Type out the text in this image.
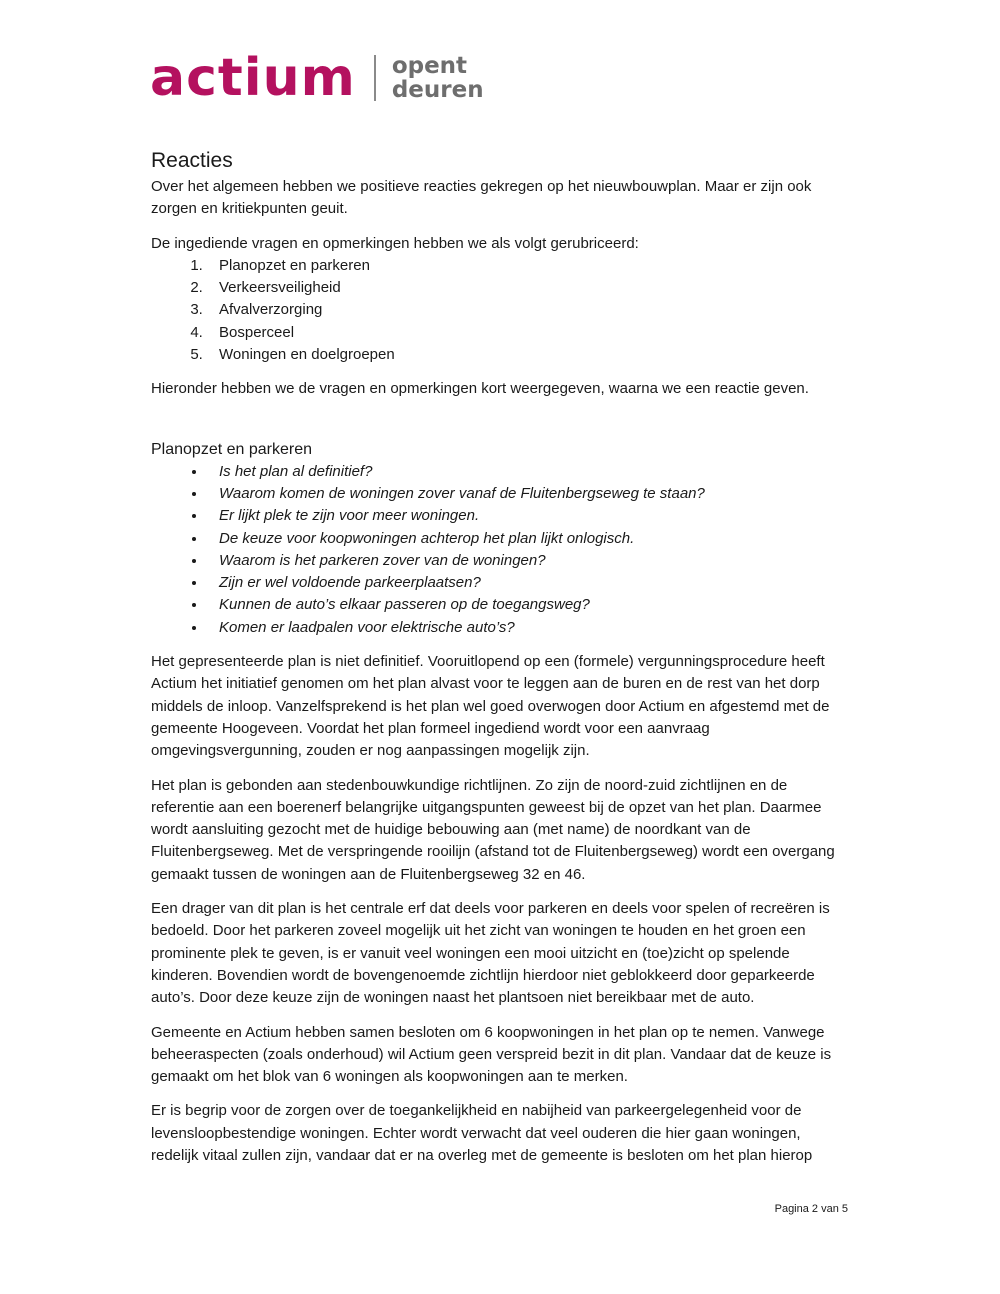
actium opent
deuren
Reacties

Over het algemeen hebben we positieve reacties gekregen op het nieuwbouwplan. Maar er zijn ook zorgen en kritiekpunten geuit.

De ingediende vragen en opmerkingen hebben we als volgt gerubriceerd:

1. Planopzet en parkeren
2. Verkeersveiligheid
3. Afvalverzorging
4. Bosperceel
5. Woningen en doelgroepen

Hieronder hebben we de vragen en opmerkingen kort weergegeven, waarna we een reactie geven.

Planopzet en parkeren
• Is het plan al definitief?
• Waarom komen de woningen zover vanaf de Fluitenbergseweg te staan?
• Er lijkt plek te zijn voor meer woningen.
• De keuze voor koopwoningen achterop het plan lijkt onlogisch.
• Waarom is het parkeren zover van de woningen?
• Zijn er wel voldoende parkeerplaatsen?
• Kunnen de auto’s elkaar passeren op de toegangsweg?
• Komen er laadpalen voor elektrische auto’s?

Het gepresenteerde plan is niet definitief. Vooruitlopend op een (formele) vergunningsprocedure heeft Actium het initiatief genomen om het plan alvast voor te leggen aan de buren en de rest van het dorp middels de inloop. Vanzelfsprekend is het plan wel goed overwogen door Actium en afgestemd met de gemeente Hoogeveen. Voordat het plan formeel ingediend wordt voor een aanvraag omgevingsvergunning, zouden er nog aanpassingen mogelijk zijn.

Het plan is gebonden aan stedenbouwkundige richtlijnen. Zo zijn de noord-zuid zichtlijnen en de referentie aan een boerenerf belangrijke uitgangspunten geweest bij de opzet van het plan. Daarmee wordt aansluiting gezocht met de huidige bebouwing aan (met name) de noordkant van de Fluitenbergseweg. Met de verspringende rooilijn (afstand tot de Fluitenbergseweg) wordt een overgang gemaakt tussen de woningen aan de Fluitenbergseweg 32 en 46.

Een drager van dit plan is het centrale erf dat deels voor parkeren en deels voor spelen of recreëren is bedoeld. Door het parkeren zoveel mogelijk uit het zicht van woningen te houden en het groen een prominente plek te geven, is er vanuit veel woningen een mooi uitzicht en (toe)zicht op spelende kinderen. Bovendien wordt de bovengenoemde zichtlijn hierdoor niet geblokkeerd door geparkeerde auto’s. Door deze keuze zijn de woningen naast het plantsoen niet bereikbaar met de auto.

Gemeente en Actium hebben samen besloten om 6 koopwoningen in het plan op te nemen. Vanwege beheeraspecten (zoals onderhoud) wil Actium geen verspreid bezit in dit plan. Vandaar dat de keuze is gemaakt om het blok van 6 woningen als koopwoningen aan te merken.

Er is begrip voor de zorgen over de toegankelijkheid en nabijheid van parkeergelegenheid voor de levensloopbestendige woningen. Echter wordt verwacht dat veel ouderen die hier gaan woningen, redelijk vitaal zullen zijn, vandaar dat er na overleg met de gemeente is besloten om het plan hierop

Pagina 2 van 5
